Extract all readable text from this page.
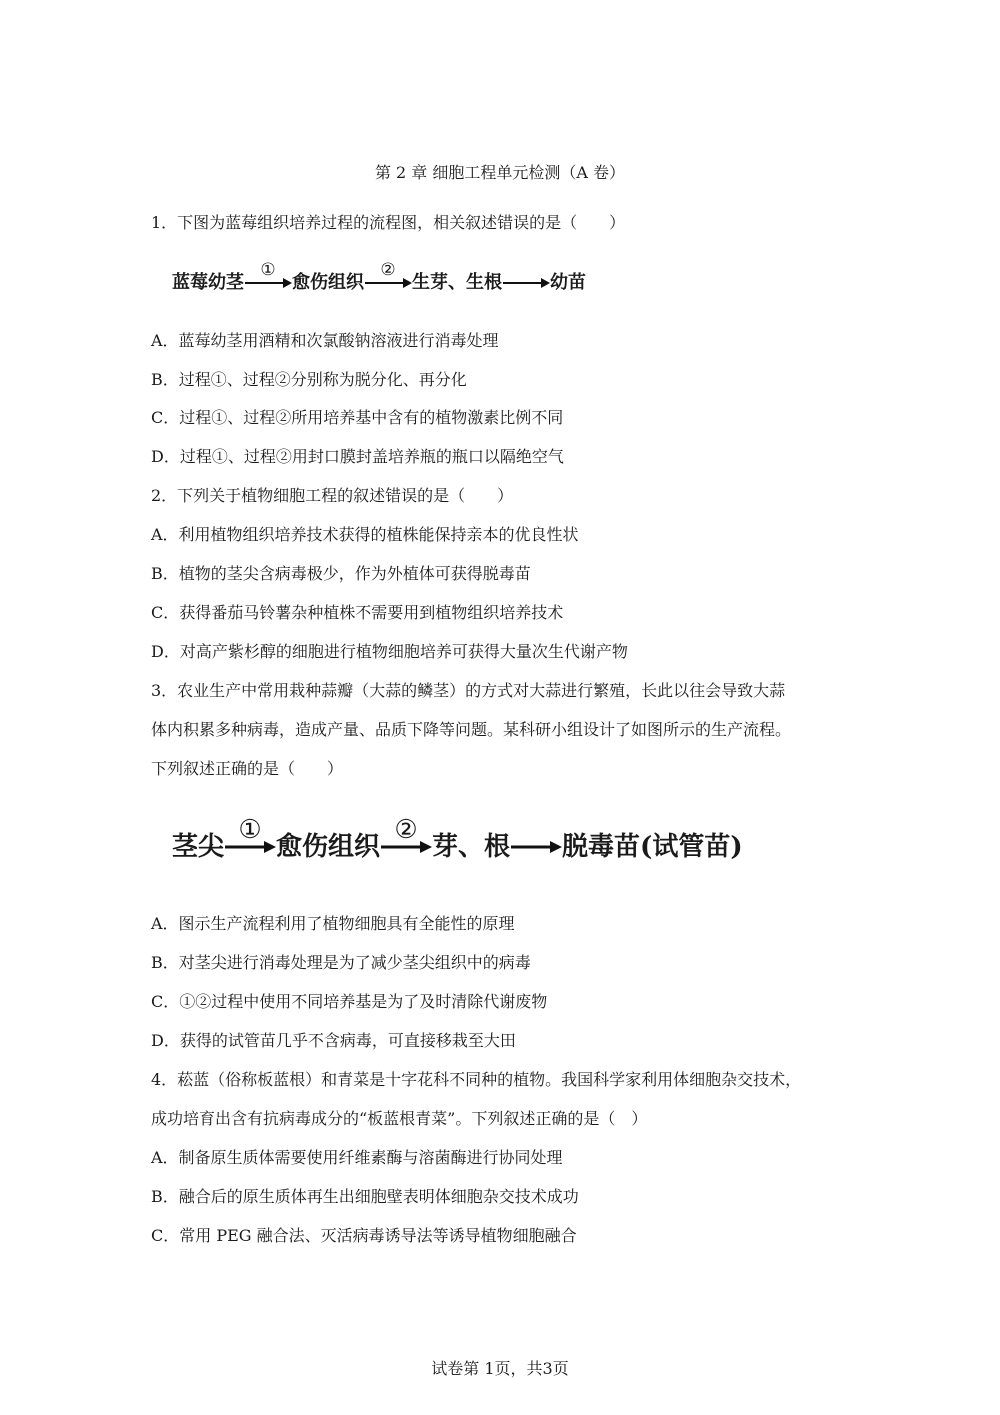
第 2 章 细胞工程单元检测（A 卷）
1．下图为蓝莓组织培养过程的流程图，相关叙述错误的是（　　）
蓝莓幼茎
①
愈伤组织
②
生芽、生根	幼苗
A．蓝莓幼茎用酒精和次氯酸钠溶液进行消毒处理
B．过程①、过程②分别称为脱分化、再分化
C．过程①、过程②所用培养基中含有的植物激素比例不同
D．过程①、过程②用封口膜封盖培养瓶的瓶口以隔绝空气
2．下列关于植物细胞工程的叙述错误的是（　　）
A．利用植物组织培养技术获得的植株能保持亲本的优良性状
B．植物的茎尖含病毒极少，作为外植体可获得脱毒苗
C．获得番茄马铃薯杂种植株不需要用到植物组织培养技术
D．对高产紫杉醇的细胞进行植物细胞培养可获得大量次生代谢产物
3．农业生产中常用栽种蒜瓣（大蒜的鳞茎）的方式对大蒜进行繁殖，长此以往会导致大蒜
体内积累多种病毒，造成产量、品质下降等问题。某科研小组设计了如图所示的生产流程。
下列叙述正确的是（　　）
茎尖
①
愈伤组织
②
芽、根 脱毒苗(试管苗)
A．图示生产流程利用了植物细胞具有全能性的原理
B．对茎尖进行消毒处理是为了减少茎尖组织中的病毒
C．①②过程中使用不同培养基是为了及时清除代谢废物
D．获得的试管苗几乎不含病毒，可直接移栽至大田
4．菘蓝（俗称板蓝根）和青菜是十字花科不同种的植物。我国科学家利用体细胞杂交技术，
成功培育出含有抗病毒成分的“板蓝根青菜”。下列叙述正确的是（　）
A．制备原生质体需要使用纤维素酶与溶菌酶进行协同处理
B．融合后的原生质体再生出细胞壁表明体细胞杂交技术成功
C．常用 PEG 融合法、灭活病毒诱导法等诱导植物细胞融合
试卷第 1页，共3页
